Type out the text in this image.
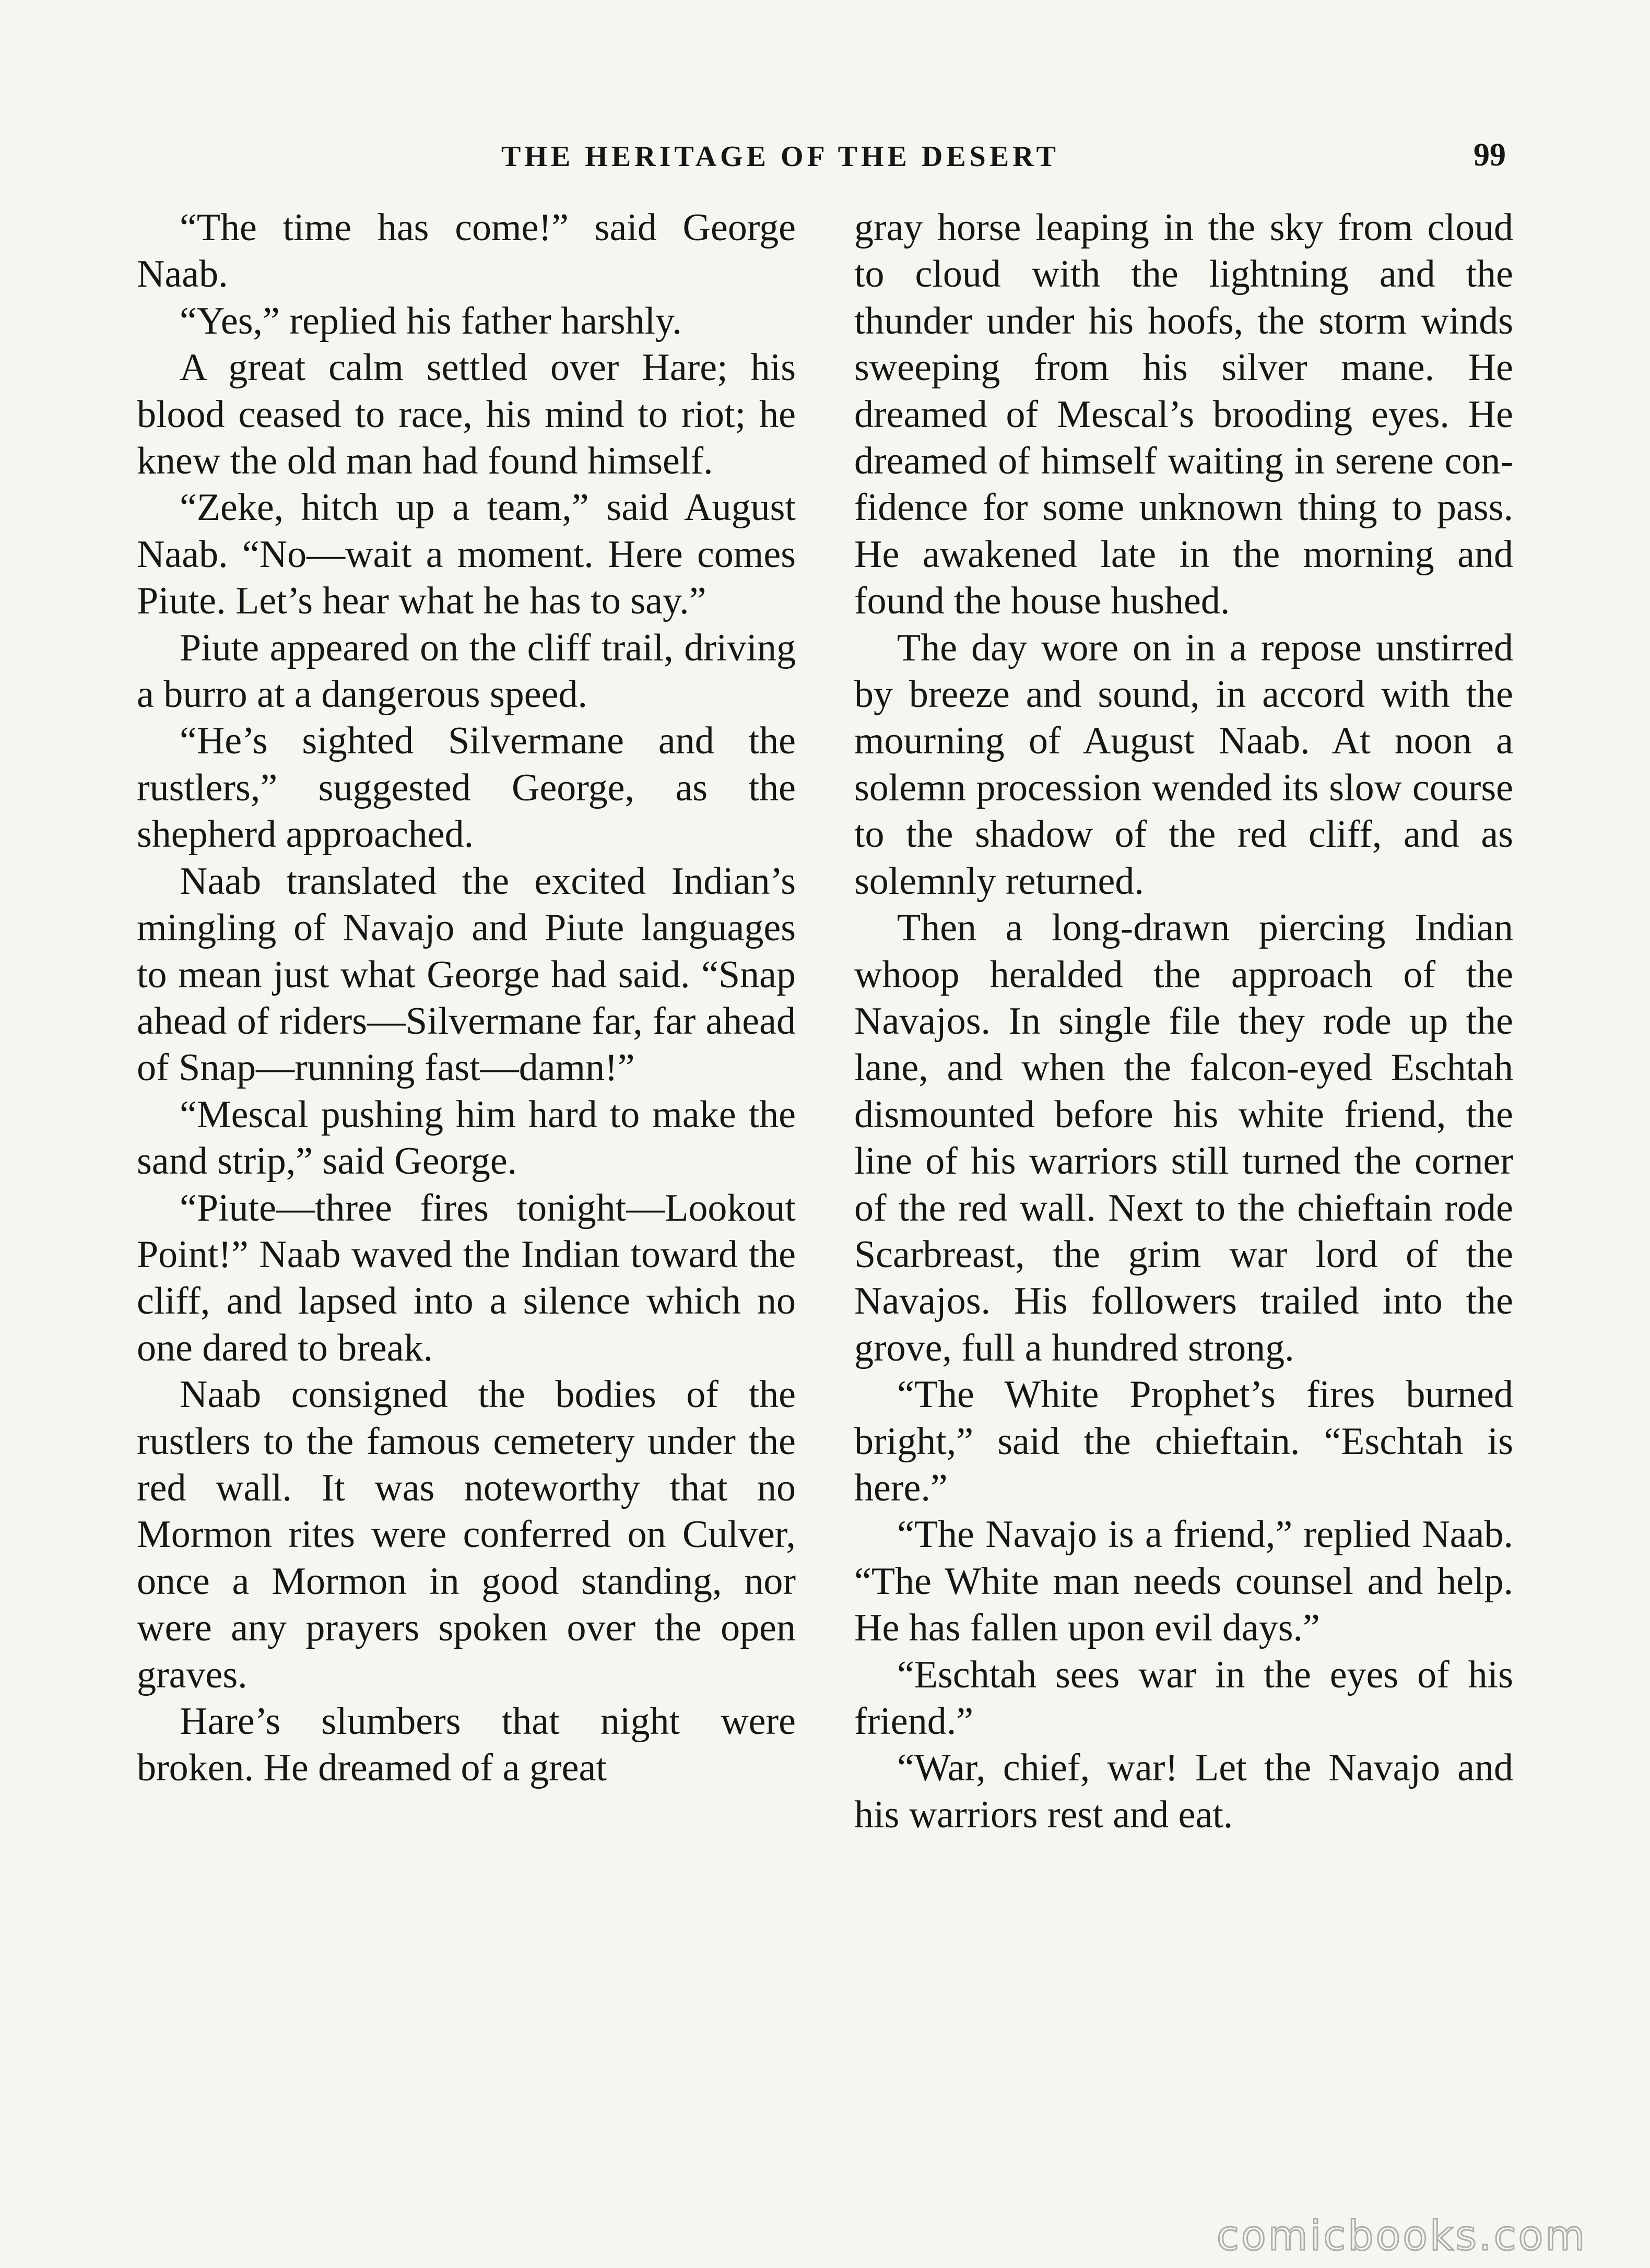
THE HERITAGE OF THE DESERT	99

“The time has come!” said George Naab.

“Yes,” replied his father harshly.

A great calm settled over Hare; his blood ceased to race, his mind to riot; he knew the old man had found himself.

“Zeke, hitch up a team,” said August Naab. “No—wait a moment. Here comes Piute. Let’s hear what he has to say.”

Piute appeared on the cliff trail, driving a burro at a dangerous speed.

“He’s sighted Silvermane and the rustlers,” suggested George, as the shepherd approached.

Naab translated the excited Indian’s mingling of Navajo and Piute languages to mean just what George had said. “Snap ahead of riders—Silvermane far, far ahead of Snap—running fast—damn!”

“Mescal pushing him hard to make the sand strip,” said George.

“Piute—three fires tonight—Lookout Point!” Naab waved the Indian toward the cliff, and lapsed into a silence which no one dared to break.

Naab consigned the bodies of the rustlers to the famous cemetery under the red wall. It was noteworthy that no Mormon rites were conferred on Culver, once a Mormon in good standing, nor were any prayers spoken over the open graves.

Hare’s slumbers that night were broken. He dreamed of a great

gray horse leaping in the sky from cloud to cloud with the lightning and the thunder under his hoofs, the storm winds sweeping from his silver mane. He dreamed of Mescal’s brooding eyes. He dreamed of himself waiting in serene confidence for some unknown thing to pass. He awakened late in the morning and found the house hushed.

The day wore on in a repose unstirred by breeze and sound, in accord with the mourning of August Naab. At noon a solemn procession wended its slow course to the shadow of the red cliff, and as solemnly returned.

Then a long-drawn piercing Indian whoop heralded the approach of the Navajos. In single file they rode up the lane, and when the falcon-eyed Eschtah dismounted before his white friend, the line of his warriors still turned the corner of the red wall. Next to the chieftain rode Scarbreast, the grim war lord of the Navajos. His followers trailed into the grove, full a hundred strong.

“The White Prophet’s fires burned bright,” said the chieftain. “Eschtah is here.”

“The Navajo is a friend,” replied Naab. “The White man needs counsel and help. He has fallen upon evil days.”

“Eschtah sees war in the eyes of his friend.”

“War, chief, war! Let the Navajo and his warriors rest and eat.

comicbooks.com
